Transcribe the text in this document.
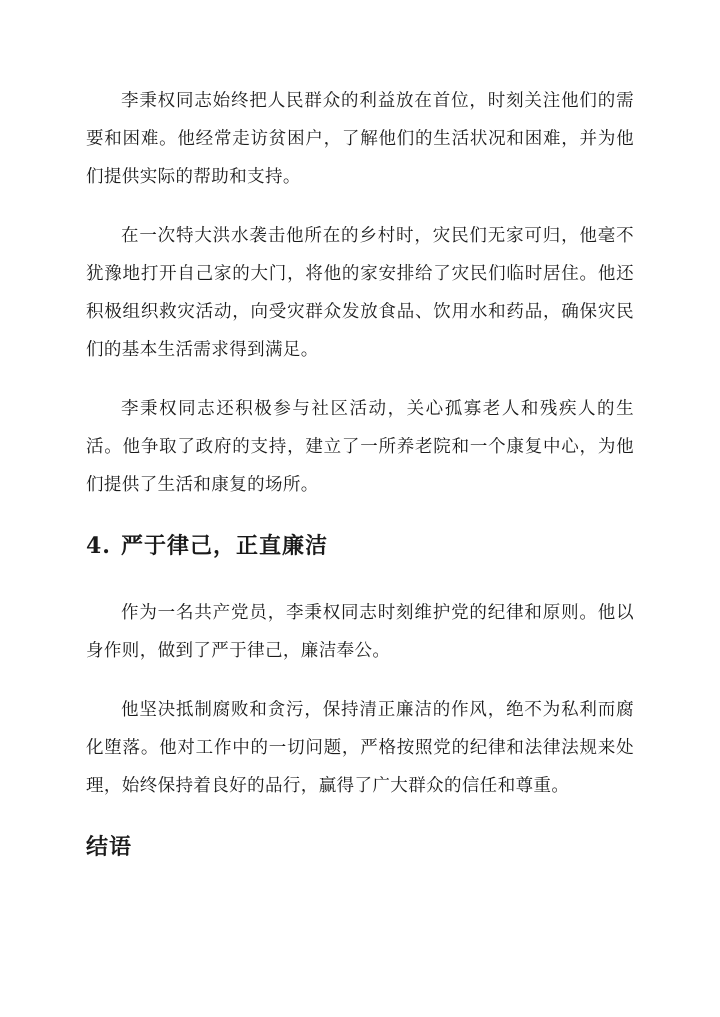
李秉权同志始终把人民群众的利益放在首位，时刻关注他们的需要和困难。他经常走访贫困户，了解他们的生活状况和困难，并为他们提供实际的帮助和支持。

在一次特大洪水袭击他所在的乡村时，灾民们无家可归，他毫不犹豫地打开自己家的大门，将他的家安排给了灾民们临时居住。他还积极组织救灾活动，向受灾群众发放食品、饮用水和药品，确保灾民们的基本生活需求得到满足。

李秉权同志还积极参与社区活动，关心孤寡老人和残疾人的生活。他争取了政府的支持，建立了一所养老院和一个康复中心，为他们提供了生活和康复的场所。

4. 严于律己，正直廉洁

作为一名共产党员，李秉权同志时刻维护党的纪律和原则。他以身作则，做到了严于律己，廉洁奉公。

他坚决抵制腐败和贪污，保持清正廉洁的作风，绝不为私利而腐化堕落。他对工作中的一切问题，严格按照党的纪律和法律法规来处理，始终保持着良好的品行，赢得了广大群众的信任和尊重。

结语
